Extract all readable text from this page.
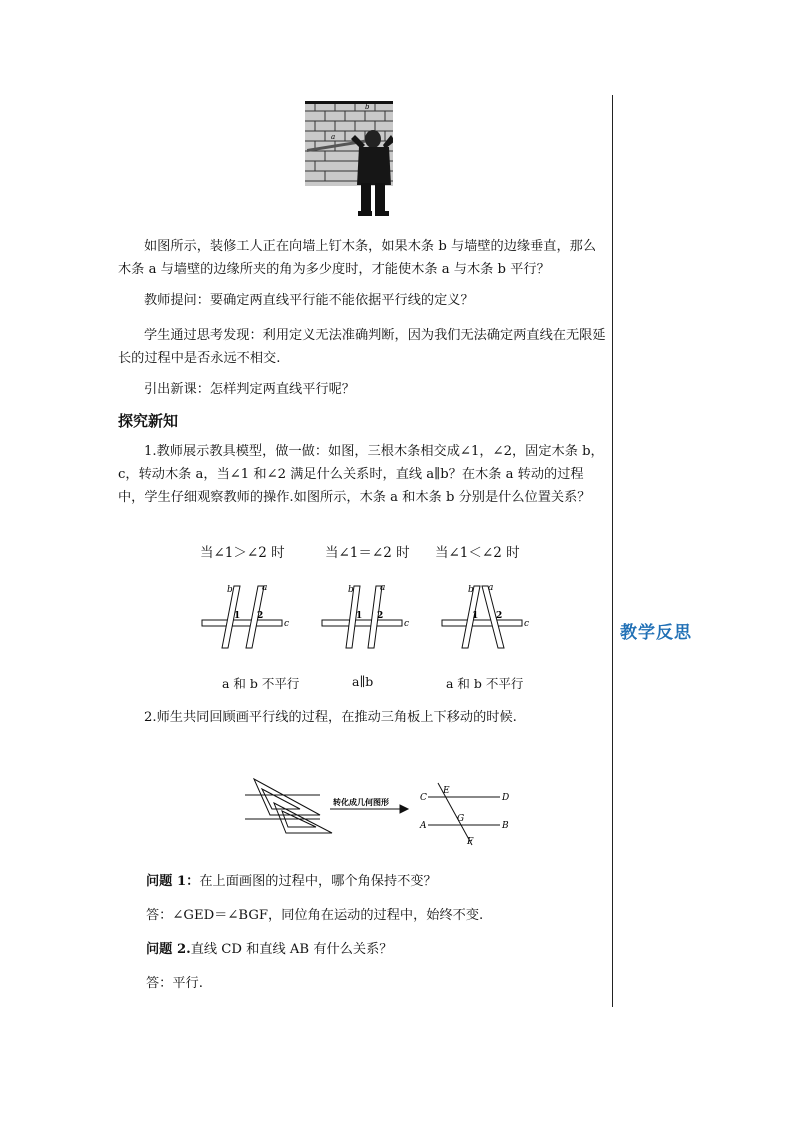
教学反思
b
a
如图所示，装修工人正在向墙上钉木条，如果木条 b 与墙壁的边缘垂直，那么木条 a 与墙壁的边缘所夹的角为多少度时，才能使木条 a 与木条 b 平行？
教师提问：要确定两直线平行能不能依据平行线的定义？
学生通过思考发现：利用定义无法准确判断，因为我们无法确定两直线在无限延长的过程中是否永远不相交.
引出新课：怎样判定两直线平行呢？
探究新知
1.教师展示教具模型，做一做：如图，三根木条相交成∠1，∠2，固定木条 b，c，转动木条 a，当∠1 和∠2 满足什么关系时，直线 a∥b？在木条 a 转动的过程中，学生仔细观察教师的操作.如图所示，木条 a 和木条 b 分别是什么位置关系？
当∠1＞∠2 时	当∠1＝∠2 时 当∠1＜∠2 时
b	a
1 2
c
b	a
1 2
c
b a
1 2
c
a 和 b 不平行	a∥b	a 和 b 不平行
2.师生共同回顾画平行线的过程，在推动三角板上下移动的时候.
转化成几何图形	C
E
D
A
G
B
F
问题 1：在上面画图的过程中，哪个角保持不变？
答：∠GED＝∠BGF，同位角在运动的过程中，始终不变.
问题 2.直线 CD 和直线 AB 有什么关系？
答：平行.
